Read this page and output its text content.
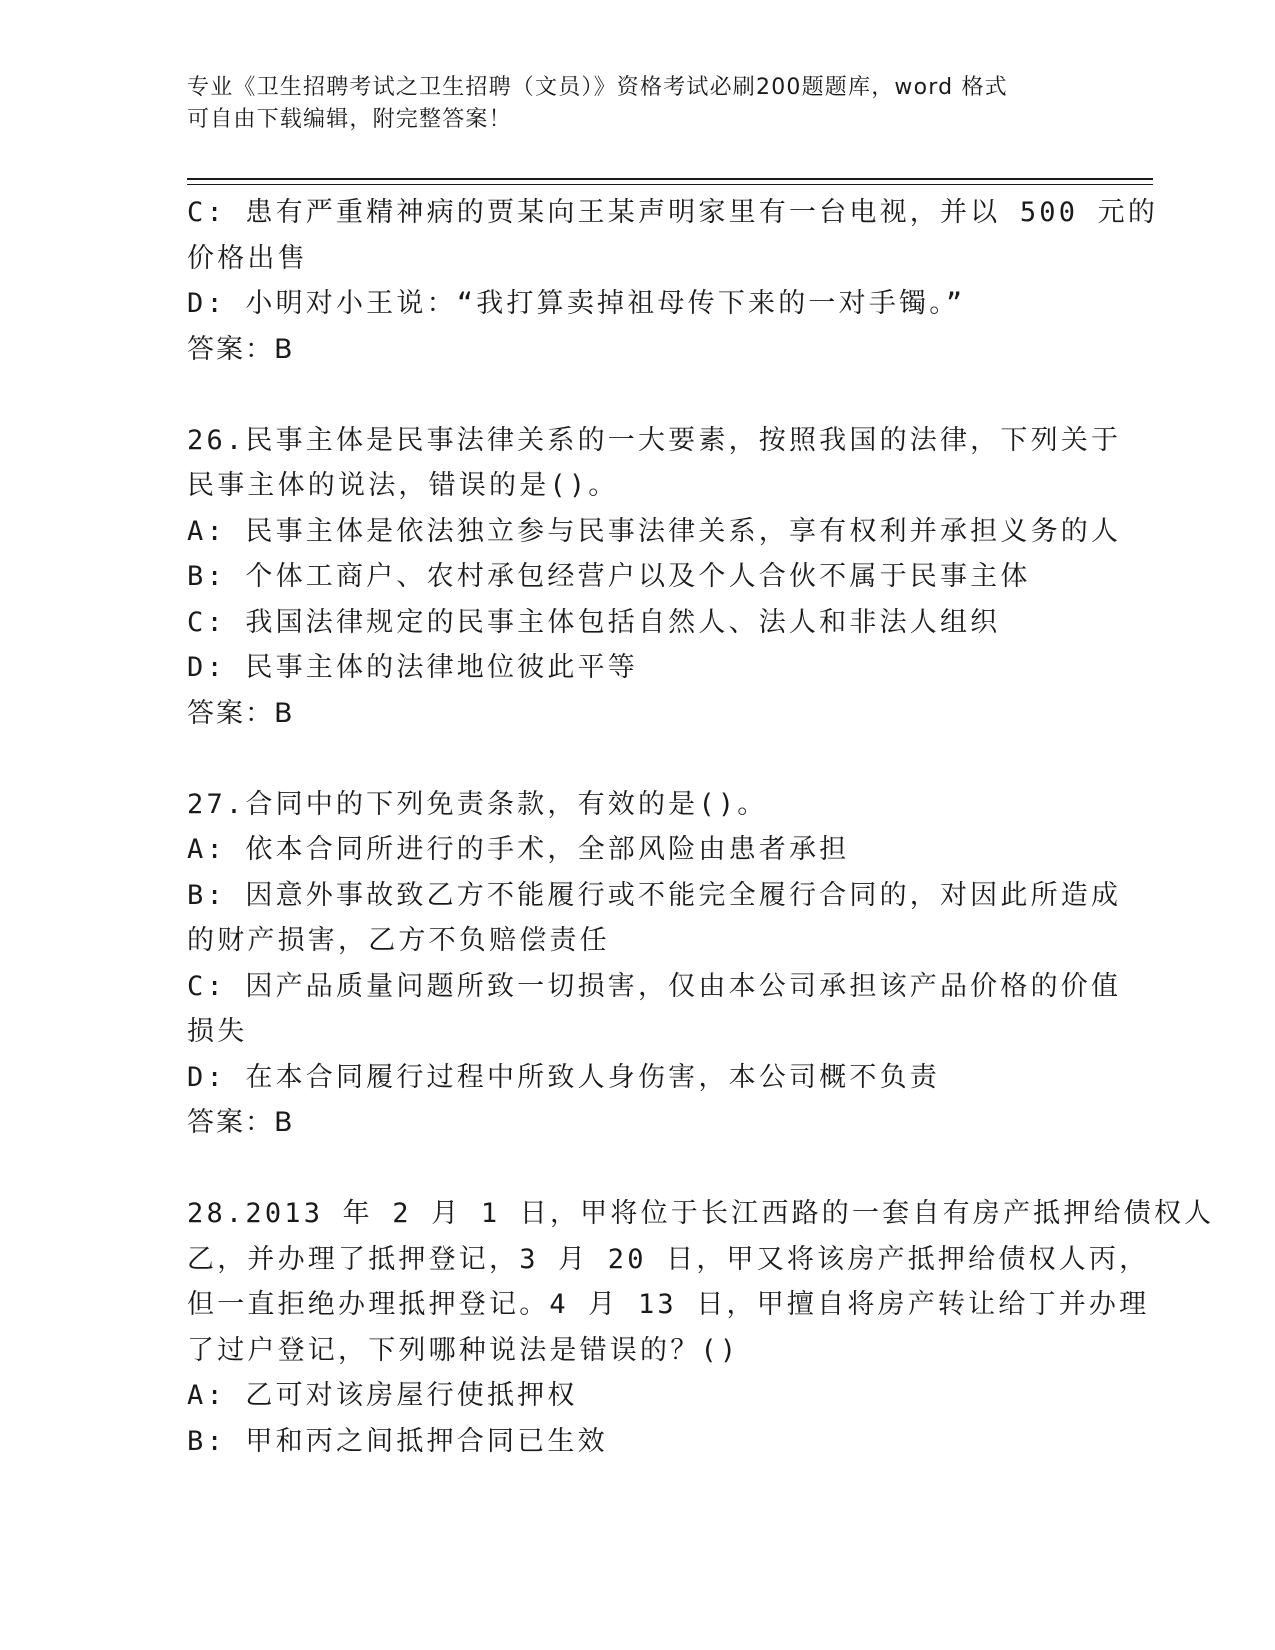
专业《卫生招聘考试之卫生招聘（文员）》资格考试必刷200题题库，word 格式
可自由下载编辑，附完整答案！
C: 患有严重精神病的贾某向王某声明家里有一台电视，并以 500 元的
价格出售
D: 小明对小王说：“我打算卖掉祖母传下来的一对手镯。”
答案：B
26.民事主体是民事法律关系的一大要素，按照我国的法律，下列关于
民事主体的说法，错误的是()。
A: 民事主体是依法独立参与民事法律关系，享有权利并承担义务的人
B: 个体工商户、农村承包经营户以及个人合伙不属于民事主体
C: 我国法律规定的民事主体包括自然人、法人和非法人组织
D: 民事主体的法律地位彼此平等
答案：B
27.合同中的下列免责条款，有效的是()。
A: 依本合同所进行的手术，全部风险由患者承担
B: 因意外事故致乙方不能履行或不能完全履行合同的，对因此所造成
的财产损害，乙方不负赔偿责任
C: 因产品质量问题所致一切损害，仅由本公司承担该产品价格的价值
损失
D: 在本合同履行过程中所致人身伤害，本公司概不负责
答案：B
28.2013 年 2 月 1 日，甲将位于长江西路的一套自有房产抵押给债权人
乙，并办理了抵押登记，3 月 20 日，甲又将该房产抵押给债权人丙，
但一直拒绝办理抵押登记。4 月 13 日，甲擅自将房产转让给丁并办理
了过户登记，下列哪种说法是错误的？()
A: 乙可对该房屋行使抵押权
B: 甲和丙之间抵押合同已生效
